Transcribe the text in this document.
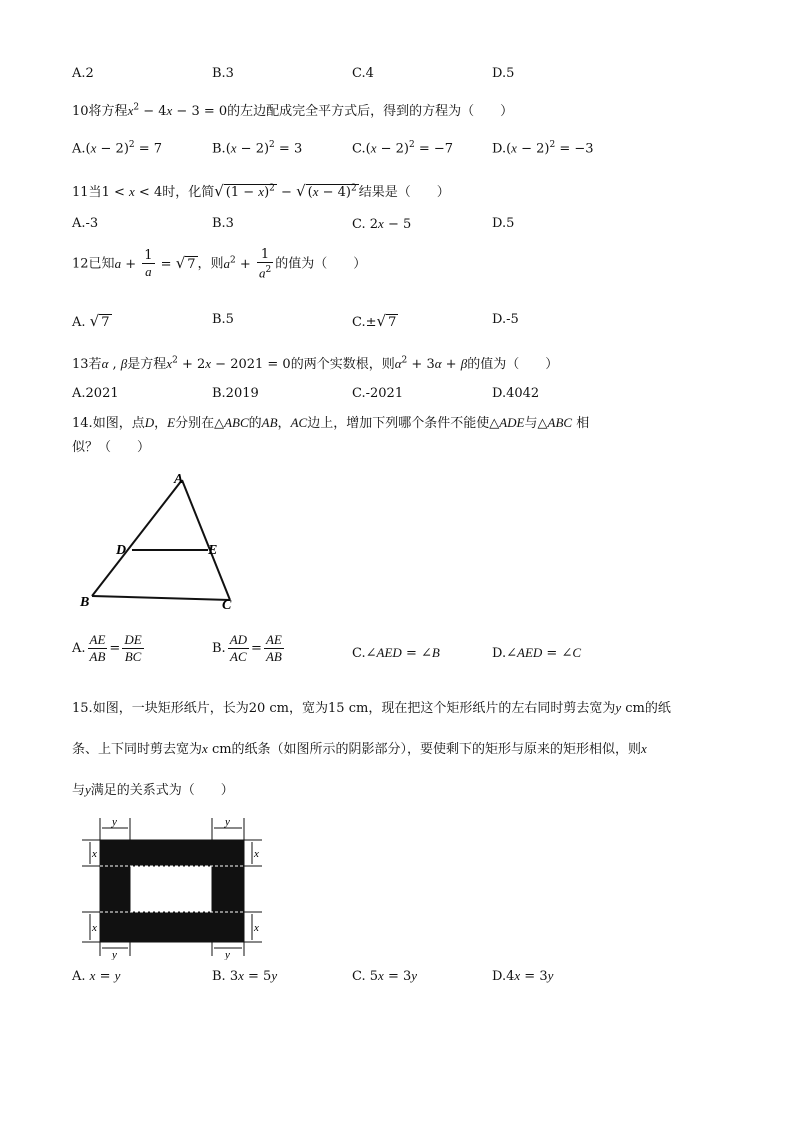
A.2	B.3	C.4	D.5
10将方程$x^2 - 4x - 3 = 0$的左边配成完全平方式后，得到的方程为（　　）
$A.(x - 2)^2 = 7$	$B.(x - 2)^2 = 3$	$C.(x - 2)^2 = -7$	$D.(x - 2)^2 = -3$
11当1 < x < 4时，化简√ $(1 - x)^2$ − √ $(x - 4)^2$ 结果是（　　）
A.-3	B.3	C. 2x − 5	D.5
12已知$a + \frac{1}{a}$ = √ 7 ，则$a^2 + \frac{1}{a^2}$ 的值为（　　）
A. √ 7	B.5	C.±√ 7	D.-5
13若α , β是方程$x^2 + 2x - 2021 = 0$的两个实数根，则$\alpha^2 + 3\alpha + \beta$的值为（　　）
A.2021	B.2019	C.-2021	D.4042
14.如图，点D，E分别在△ABC的AB，AC边上，增加下列哪个条件不能使△ADE与△ABC 相
似？（　　）
A
B	C
D	E
A. $\frac{AE}{AB} = \frac{DE}{BC}$	B. $\frac{AD}{AC} = \frac{AE}{AB}$	C.∠AED = ∠B	D.∠AED = ∠C
15.如图，一块矩形纸片，长为20 cm，宽为15 cm，现在把这个矩形纸片的左右同时剪去宽为y cm的纸
条、上下同时剪去宽为x cm的纸条（如图所示的阴影部分），要使剩下的矩形与原来的矩形相似，则x
与y满足的关系式为（　　）
y	y
y	y
x
x
x
x
A. x = y	B. 3x = 5y	C. 5x = 3y	D.4x = 3y
